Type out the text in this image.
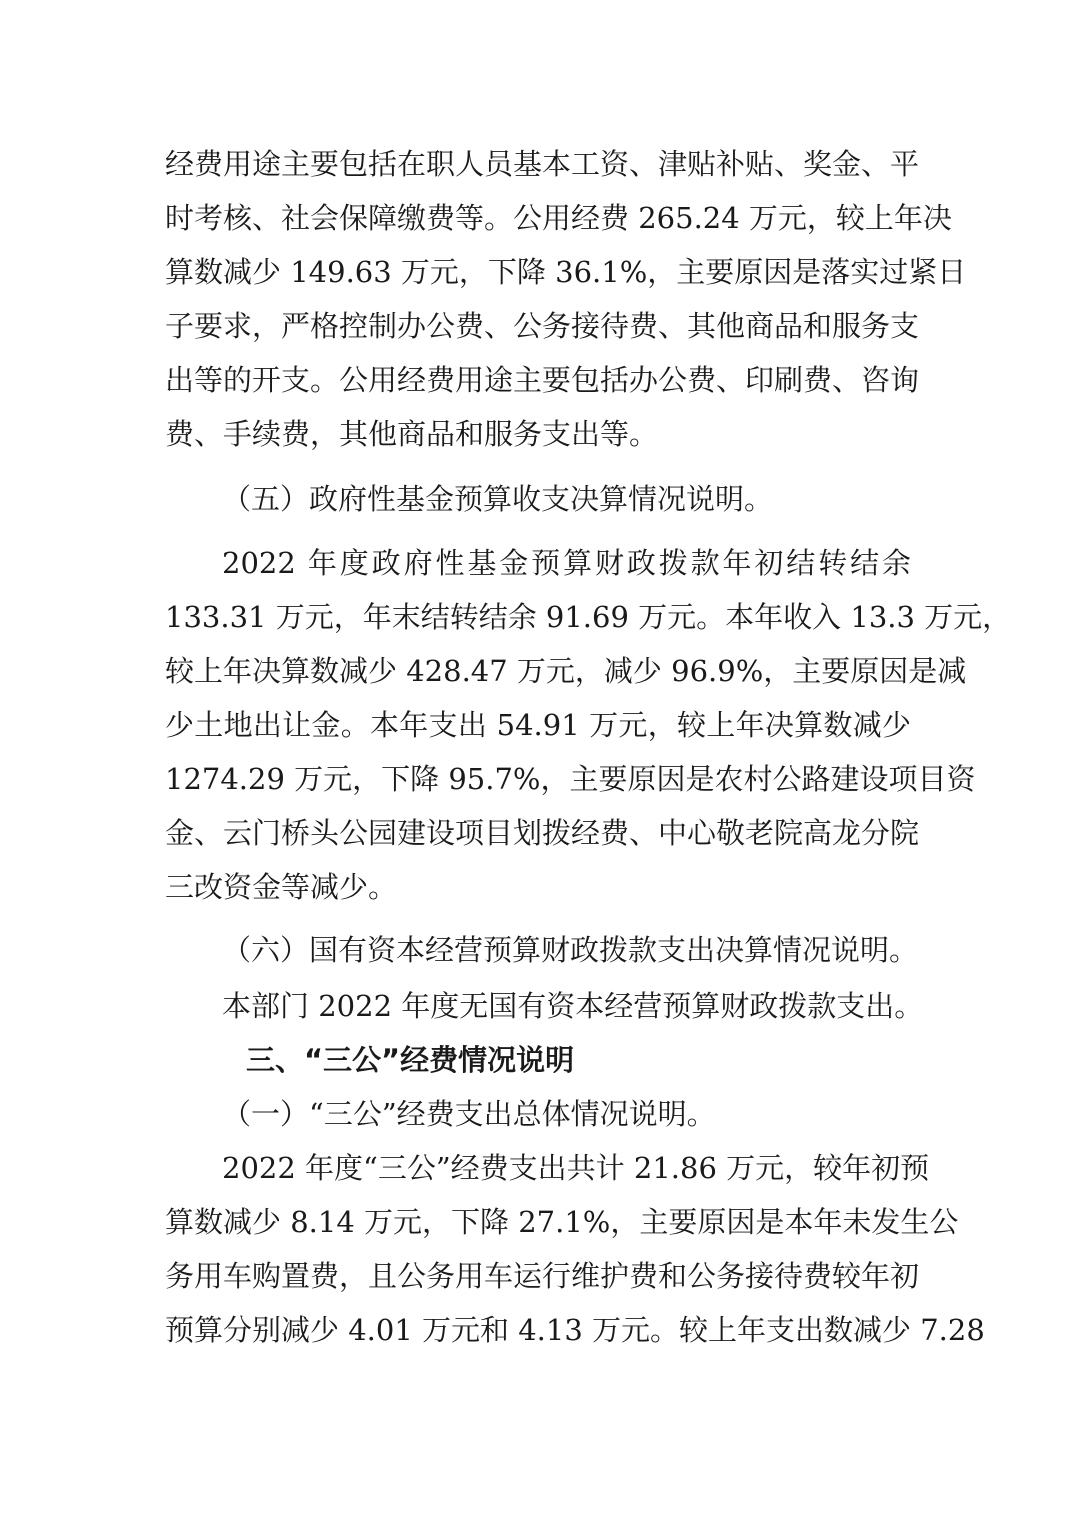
经费用途主要包括在职人员基本工资、津贴补贴、奖金、平
时考核、社会保障缴费等。公用经费 265.24 万元，较上年决
算数减少 149.63 万元，下降 36.1%，主要原因是落实过紧日
子要求，严格控制办公费、公务接待费、其他商品和服务支
出等的开支。公用经费用途主要包括办公费、印刷费、咨询
费、手续费，其他商品和服务支出等。
（五）政府性基金预算收支决算情况说明。
2022 年度政府性基金预算财政拨款年初结转结余
133.31 万元，年末结转结余 91.69 万元。本年收入 13.3 万元，
较上年决算数减少 428.47 万元，减少 96.9%，主要原因是减
少土地出让金。本年支出 54.91 万元，较上年决算数减少
1274.29 万元，下降 95.7%，主要原因是农村公路建设项目资
金、云门桥头公园建设项目划拨经费、中心敬老院高龙分院
三改资金等减少。
（六）国有资本经营预算财政拨款支出决算情况说明。
本部门 2022 年度无国有资本经营预算财政拨款支出。
三、“三公”经费情况说明
（一）“三公”经费支出总体情况说明。
2022 年度“三公”经费支出共计 21.86 万元，较年初预
算数减少 8.14 万元，下降 27.1%，主要原因是本年未发生公
务用车购置费，且公务用车运行维护费和公务接待费较年初
预算分别减少 4.01 万元和 4.13 万元。较上年支出数减少 7.28
